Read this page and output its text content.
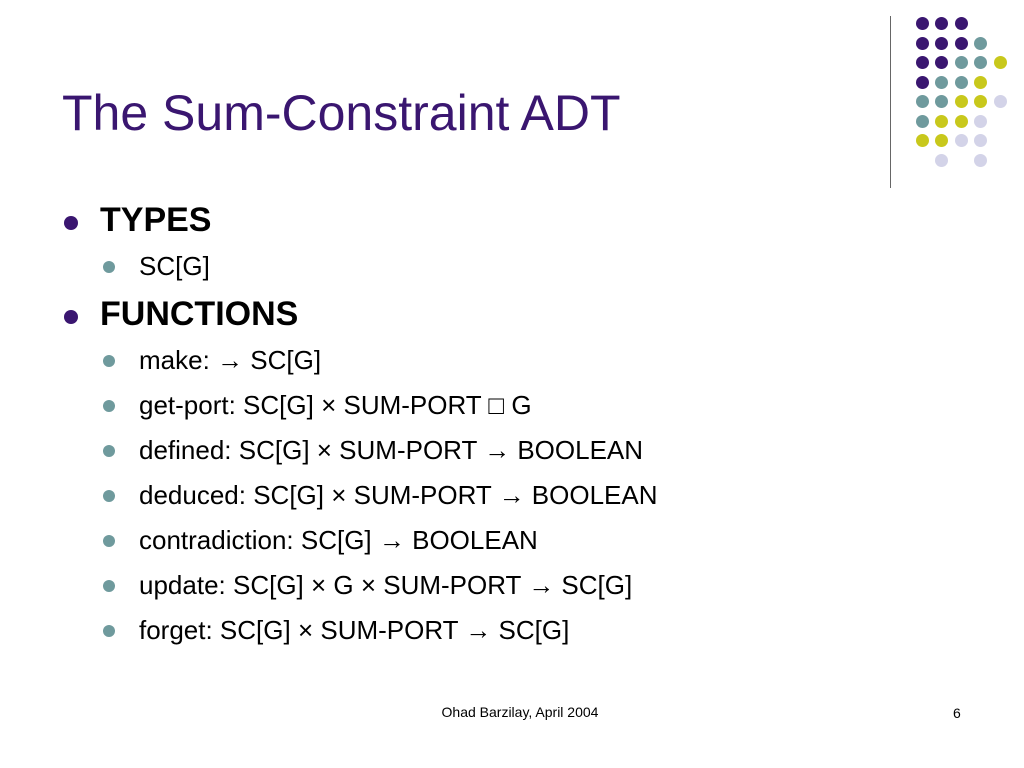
The Sum-Constraint ADT
TYPES
SC[G]
FUNCTIONS
make: → SC[G]
get-port: SC[G] × SUM-PORT □ G
defined: SC[G] × SUM-PORT → BOOLEAN
deduced: SC[G] × SUM-PORT → BOOLEAN
contradiction: SC[G] → BOOLEAN
update: SC[G] × G × SUM-PORT → SC[G]
forget: SC[G] × SUM-PORT → SC[G]
Ohad Barzilay, April 2004	6
